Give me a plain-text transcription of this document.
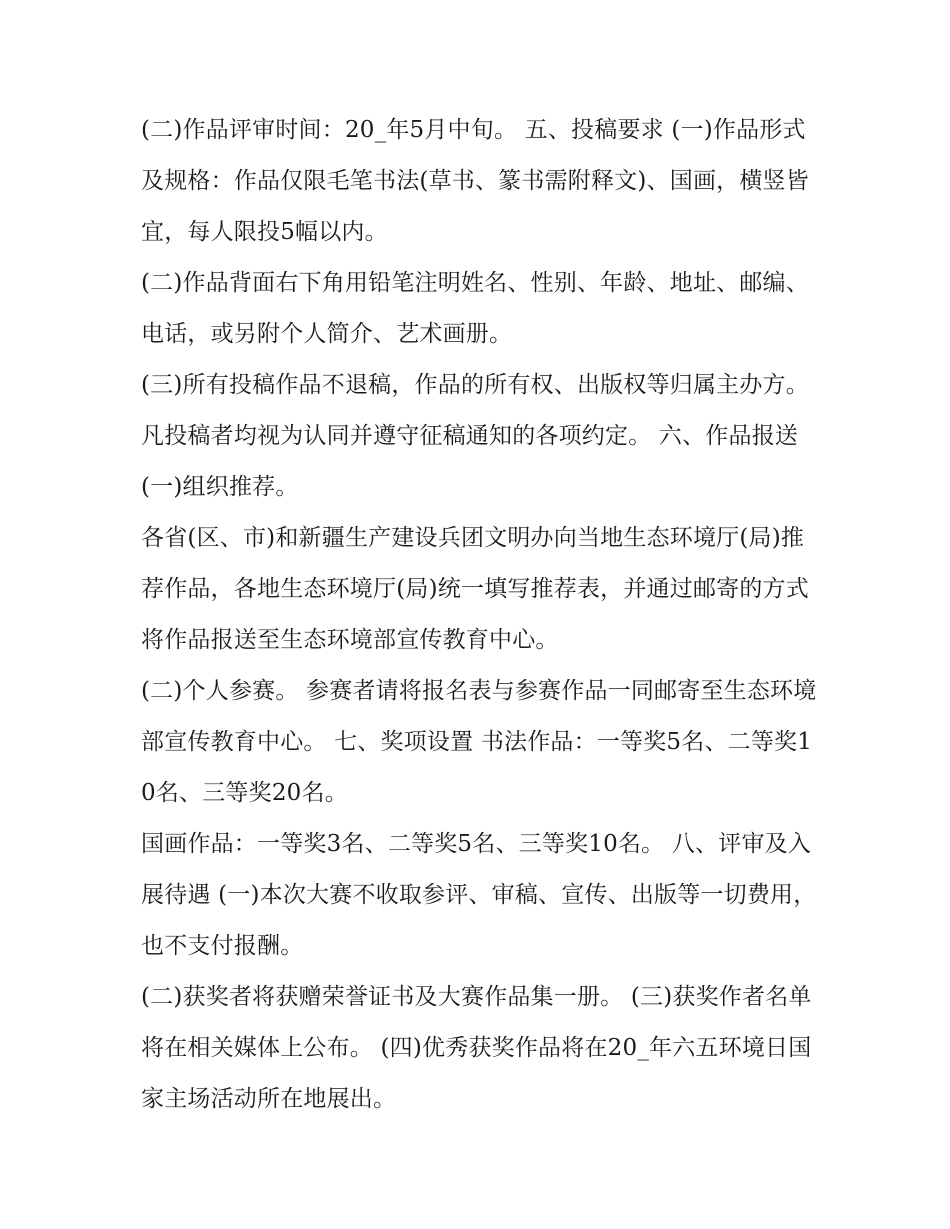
(二)作品评审时间：20_年5月中旬。 五、投稿要求 (一)作品形式及规格：作品仅限毛笔书法(草书、篆书需附释文)、国画，横竖皆宜，每人限投5幅以内。

(二)作品背面右下角用铅笔注明姓名、性别、年龄、地址、邮编、电话，或另附个人简介、艺术画册。

(三)所有投稿作品不退稿，作品的所有权、出版权等归属主办方。凡投稿者均视为认同并遵守征稿通知的各项约定。 六、作品报送 (一)组织推荐。

各省(区、市)和新疆生产建设兵团文明办向当地生态环境厅(局)推荐作品，各地生态环境厅(局)统一填写推荐表，并通过邮寄的方式将作品报送至生态环境部宣传教育中心。

(二)个人参赛。 参赛者请将报名表与参赛作品一同邮寄至生态环境部宣传教育中心。 七、奖项设置 书法作品：一等奖5名、二等奖10名、三等奖20名。

国画作品：一等奖3名、二等奖5名、三等奖10名。 八、评审及入展待遇 (一)本次大赛不收取参评、审稿、宣传、出版等一切费用，也不支付报酬。

(二)获奖者将获赠荣誉证书及大赛作品集一册。 (三)获奖作者名单将在相关媒体上公布。 (四)优秀获奖作品将在20_年六五环境日国家主场活动所在地展出。
